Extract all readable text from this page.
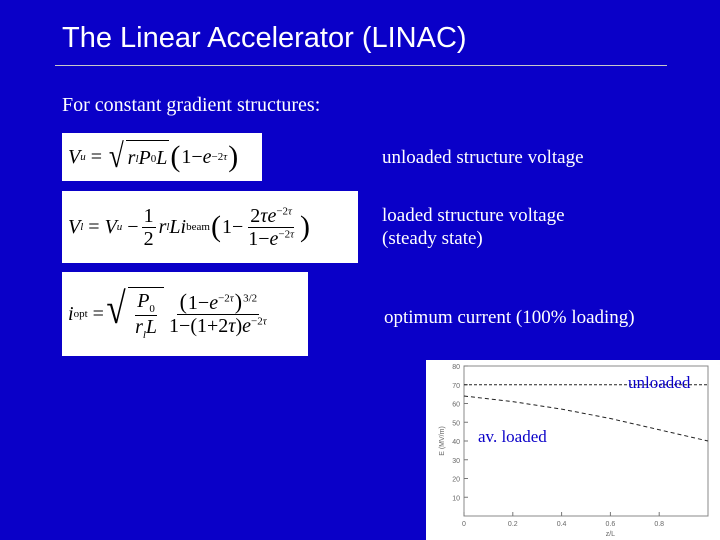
The Linear Accelerator (LINAC)
For constant gradient structures:
V u = √ r l P 0 L ( 1− e −2τ )	unloaded structure voltage
V l = V $u - \frac{1}{2}$ r l L i beam ( $1- \frac{2\tau e^{-2\tau}}{1-e^{-2\tau}}$ )	loaded structure voltage
(steady state)
i opt = √ $\frac{P_0}{r_lL} \frac{(1-e^{-2\tau})^{3/2}}{1-(1+2\tau)e^{-2\tau}}$	optimum current (100% loading)
10
20
30
40
50
60
70
80
0	0.2	0.4	0.6	0.8
z/L
E (MV/m)
unloaded
av. loaded
